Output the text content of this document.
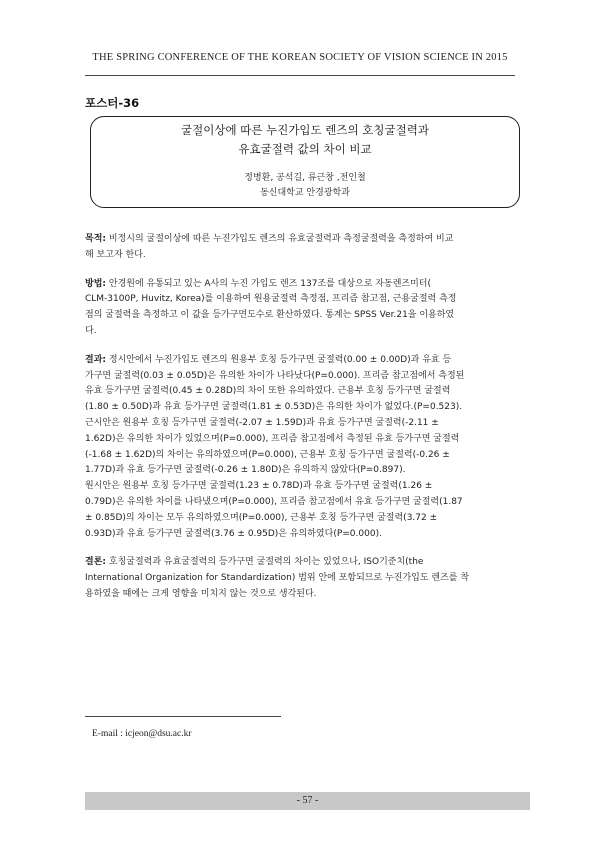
THE SPRING CONFERENCE OF THE KOREAN SOCIETY OF VISION SCIENCE IN 2015
포스터-36
굴절이상에 따른 누진가입도 렌즈의 호칭굴절력과
유효굴절력 값의 차이 비교
정병환, 공석길, 류근창 ,전인철
동신대학교 안경광학과
목적: 비정시의 굴절이상에 따른 누진가입도 렌즈의 유효굴절력과 측정굴절력을 측정하여 비교
해 보고자 한다.
방법: 안경원에 유통되고 있는 A사의 누진 가입도 렌즈 137조를 대상으로 자동렌즈미터(
CLM-3100P, Huvitz, Korea)를 이용하여 원용굴절력 측정점, 프리즘 참고점, 근용굴절력 측정
점의 굴절력을 측정하고 이 값을 등가구면도수로 환산하였다. 통계는 SPSS Ver.21을 이용하였
다.
결과: 정시안에서 누진가입도 렌즈의 원용부 호칭 등가구면 굴절력(0.00 ± 0.00D)과 유효 등
가구면 굴절력(0.03 ± 0.05D)은 유의한 차이가 나타났다(P=0.000). 프리즘 참고점에서 측정된
유효 등가구면 굴절력(0.45 ± 0.28D)의 차이 또한 유의하였다. 근용부 호칭 등가구면 굴절력
(1.80 ± 0.50D)과 유효 등가구면 굴절력(1.81 ± 0.53D)은 유의한 차이가 없었다.(P=0.523).
근시안은 원용부 호칭 등가구면 굴절력(-2.07 ± 1.59D)과 유효 등가구면 굴절력(-2.11 ±
1.62D)은 유의한 차이가 있었으며(P=0.000), 프리즘 참고점에서 측정된 유효 등가구면 굴절력
(-1.68 ± 1.62D)의 차이는 유의하였으며(P=0.000), 근용부 호칭 등가구면 굴절력(-0.26 ±
1.77D)과 유효 등가구면 굴절력(-0.26 ± 1.80D)은 유의하지 않았다(P=0.897).
원시안은 원용부 호칭 등가구면 굴절력(1.23 ± 0.78D)과 유효 등가구면 굴절력(1.26 ±
0.79D)은 유의한 차이를 나타냈으며(P=0.000), 프리즘 참고점에서 유효 등가구면 굴절력(1.87
± 0.85D)의 차이는 모두 유의하였으며(P=0.000), 근용부 호칭 등가구면 굴절력(3.72 ±
0.93D)과 유효 등가구면 굴절력(3.76 ± 0.95D)은 유의하였다(P=0.000).
결론: 호칭굴절력과 유효굴절력의 등가구면 굴절력의 차이는 있었으나, ISO기준치(the
International Organization for Standardization) 범위 안에 포함되므로 누진가입도 렌즈를 착
용하였을 때에는 크게 영향을 미치지 않는 것으로 생각된다.
E-mail : icjeon@dsu.ac.kr
- 57 -
